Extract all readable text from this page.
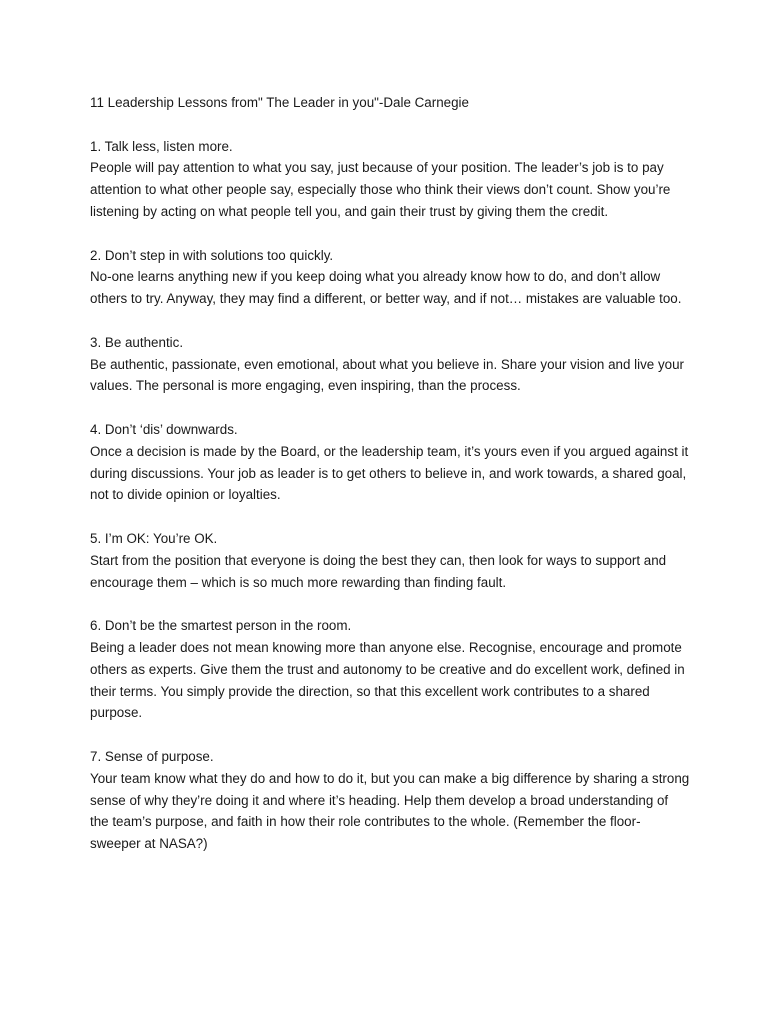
11 Leadership Lessons from" The Leader in you"-Dale Carnegie

1. Talk less, listen more.

People will pay attention to what you say, just because of your position. The leader’s job is to pay attention to what other people say, especially those who think their views don’t count. Show you’re listening by acting on what people tell you, and gain their trust by giving them the credit.

2. Don’t step in with solutions too quickly.

No-one learns anything new if you keep doing what you already know how to do, and don’t allow others to try. Anyway, they may find a different, or better way, and if not… mistakes are valuable too.

3. Be authentic.

Be authentic, passionate, even emotional, about what you believe in. Share your vision and live your values. The personal is more engaging, even inspiring, than the process.

4. Don’t ‘dis’ downwards.

Once a decision is made by the Board, or the leadership team, it’s yours even if you argued against it during discussions. Your job as leader is to get others to believe in, and work towards, a shared goal, not to divide opinion or loyalties.

5. I’m OK: You’re OK.

Start from the position that everyone is doing the best they can, then look for ways to support and encourage them – which is so much more rewarding than finding fault.

6. Don’t be the smartest person in the room.

Being a leader does not mean knowing more than anyone else. Recognise, encourage and promote others as experts. Give them the trust and autonomy to be creative and do excellent work, defined in their terms. You simply provide the direction, so that this excellent work contributes to a shared purpose.

7. Sense of purpose.

Your team know what they do and how to do it, but you can make a big difference by sharing a strong sense of why they’re doing it and where it’s heading. Help them develop a broad understanding of the team’s purpose, and faith in how their role contributes to the whole. (Remember the floor-sweeper at NASA?)
